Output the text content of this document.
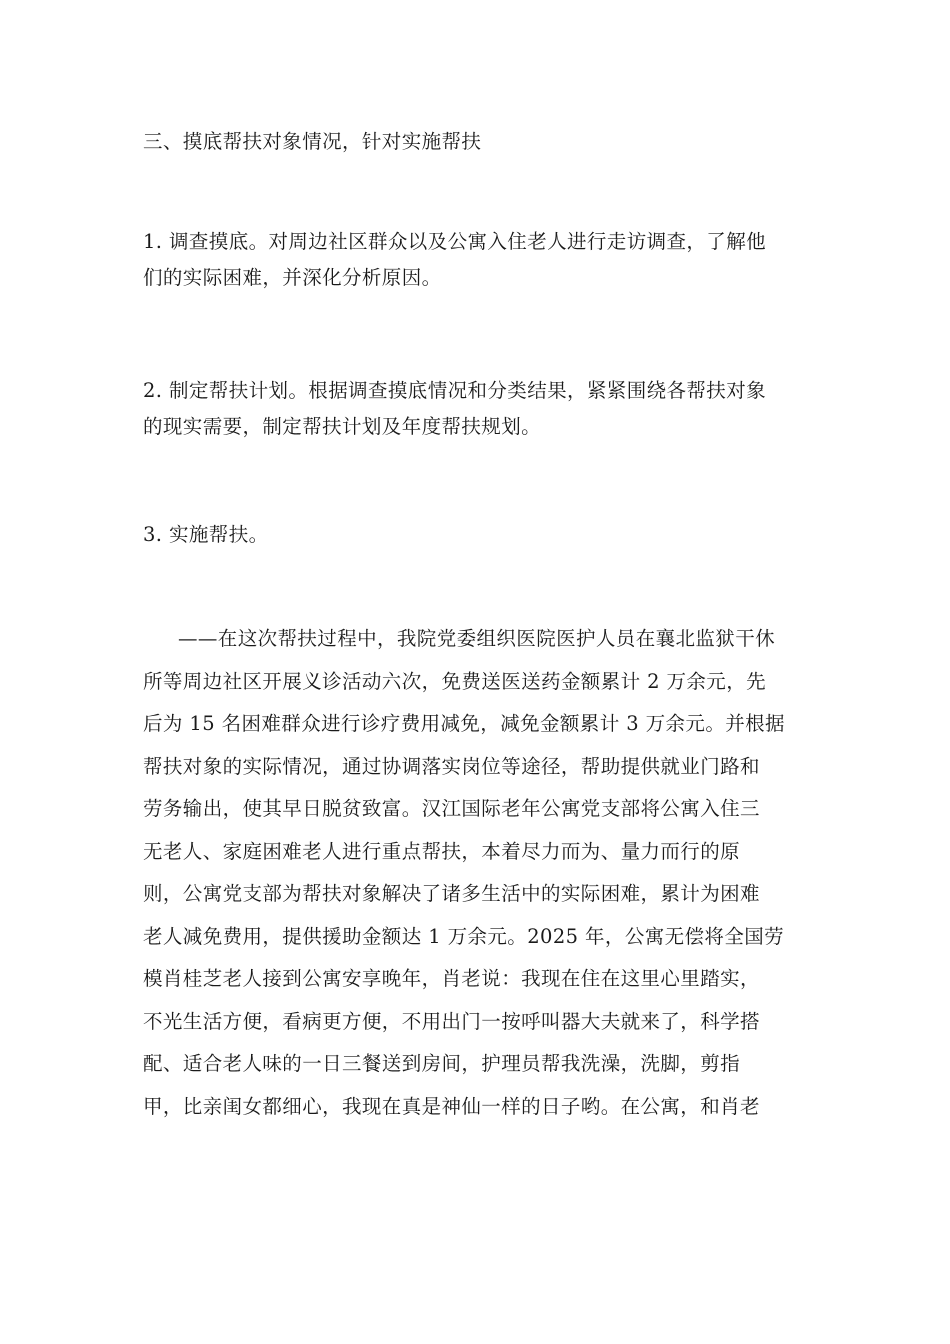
三、摸底帮扶对象情况，针对实施帮扶

1. 调查摸底。对周边社区群众以及公寓入住老人进行走访调查，了解他
们的实际困难，并深化分析原因。

2. 制定帮扶计划。根据调查摸底情况和分类结果，紧紧围绕各帮扶对象
的现实需要，制定帮扶计划及年度帮扶规划。

3. 实施帮扶。

——在这次帮扶过程中，我院党委组织医院医护人员在襄北监狱干休
所等周边社区开展义诊活动六次，免费送医送药金额累计 2 万余元，先
后为 15 名困难群众进行诊疗费用减免，减免金额累计 3 万余元。并根据
帮扶对象的实际情况，通过协调落实岗位等途径，帮助提供就业门路和
劳务输出，使其早日脱贫致富。汉江国际老年公寓党支部将公寓入住三
无老人、家庭困难老人进行重点帮扶，本着尽力而为、量力而行的原
则，公寓党支部为帮扶对象解决了诸多生活中的实际困难，累计为困难
老人减免费用，提供援助金额达 1 万余元。2025 年，公寓无偿将全国劳
模肖桂芝老人接到公寓安享晚年，肖老说：我现在住在这里心里踏实，
不光生活方便，看病更方便，不用出门一按呼叫器大夫就来了，科学搭
配、适合老人味的一日三餐送到房间，护理员帮我洗澡，洗脚，剪指
甲，比亲闺女都细心，我现在真是神仙一样的日子哟。在公寓，和肖老
